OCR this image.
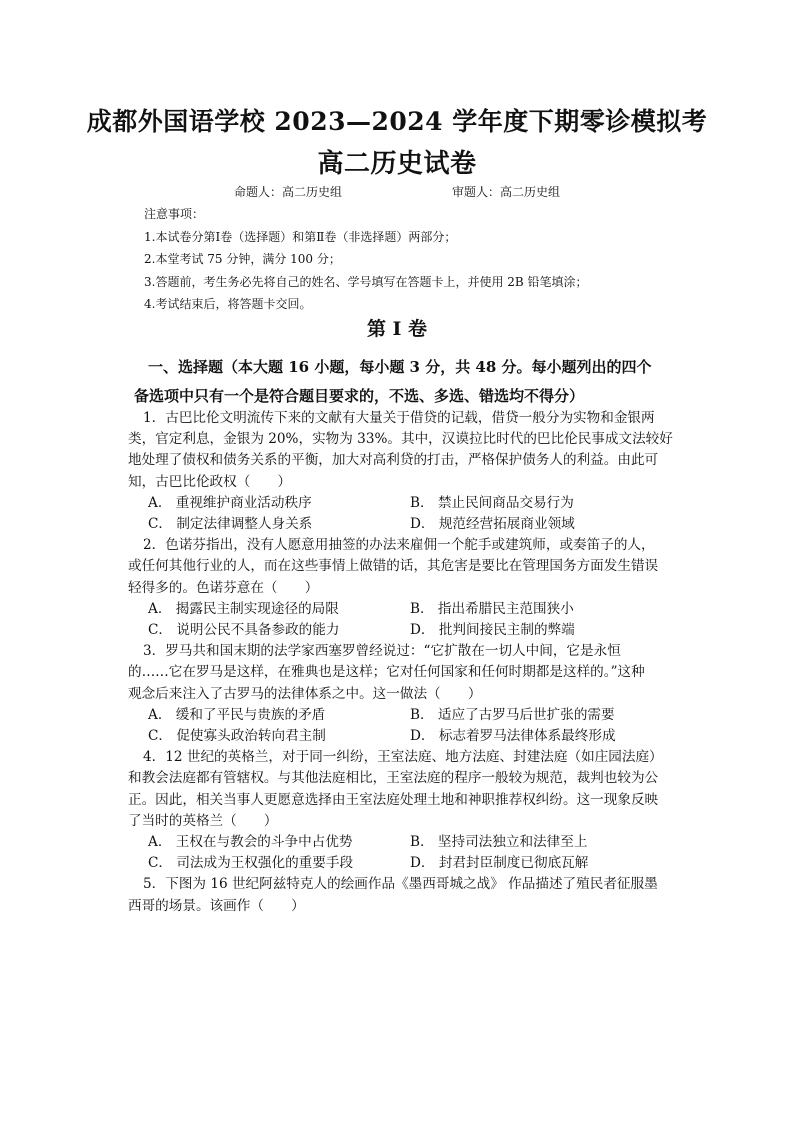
成都外国语学校 2023—2024 学年度下期零诊模拟考
高二历史试卷
命题人：高二历史组	审题人：高二历史组
注意事项：
1.本试卷分第Ⅰ卷（选择题）和第Ⅱ卷（非选择题）两部分；
2.本堂考试 75 分钟，满分 100 分；
3.答题前，考生务必先将自己的姓名、学号填写在答题卡上，并使用 2B 铅笔填涂；
4.考试结束后，将答题卡交回。
第 Ⅰ 卷
一、选择题（本大题 16 小题，每小题 3 分，共 48 分。每小题列出的四个
备选项中只有一个是符合题目要求的，不选、多选、错选均不得分）
1．古巴比伦文明流传下来的文献有大量关于借贷的记载，借贷一般分为实物和金银两
类，官定利息，金银为 20%，实物为 33%。其中，汉谟拉比时代的巴比伦民事成文法较好
地处理了债权和债务关系的平衡，加大对高利贷的打击，严格保护债务人的利益。由此可
知，古巴比伦政权（　　）
A． 重视维护商业活动秩序	B． 禁止民间商品交易行为
C． 制定法律调整人身关系	D． 规范经营拓展商业领域
2．色诺芬指出，没有人愿意用抽签的办法来雇佣一个舵手或建筑师，或奏笛子的人，
或任何其他行业的人，而在这些事情上做错的话，其危害是要比在管理国务方面发生错误
轻得多的。色诺芬意在（　　）
A． 揭露民主制实现途径的局限	B． 指出希腊民主范围狭小
C． 说明公民不具备参政的能力	D． 批判间接民主制的弊端
3．罗马共和国末期的法学家西塞罗曾经说过：“它扩散在一切人中间，它是永恒
的……它在罗马是这样，在雅典也是这样；它对任何国家和任何时期都是这样的。”这种
观念后来注入了古罗马的法律体系之中。这一做法（　　）
A． 缓和了平民与贵族的矛盾	B． 适应了古罗马后世扩张的需要
C． 促使寡头政治转向君主制	D． 标志着罗马法律体系最终形成
4．12 世纪的英格兰，对于同一纠纷，王室法庭、地方法庭、封建法庭（如庄园法庭）
和教会法庭都有管辖权。与其他法庭相比，王室法庭的程序一般较为规范，裁判也较为公
正。因此，相关当事人更愿意选择由王室法庭处理土地和神职推荐权纠纷。这一现象反映
了当时的英格兰（　　）
A． 王权在与教会的斗争中占优势	B． 坚持司法独立和法律至上
C． 司法成为王权强化的重要手段	D． 封君封臣制度已彻底瓦解
5．下图为 16 世纪阿兹特克人的绘画作品《墨西哥城之战》 作品描述了殖民者征服墨
西哥的场景。该画作（　　）
